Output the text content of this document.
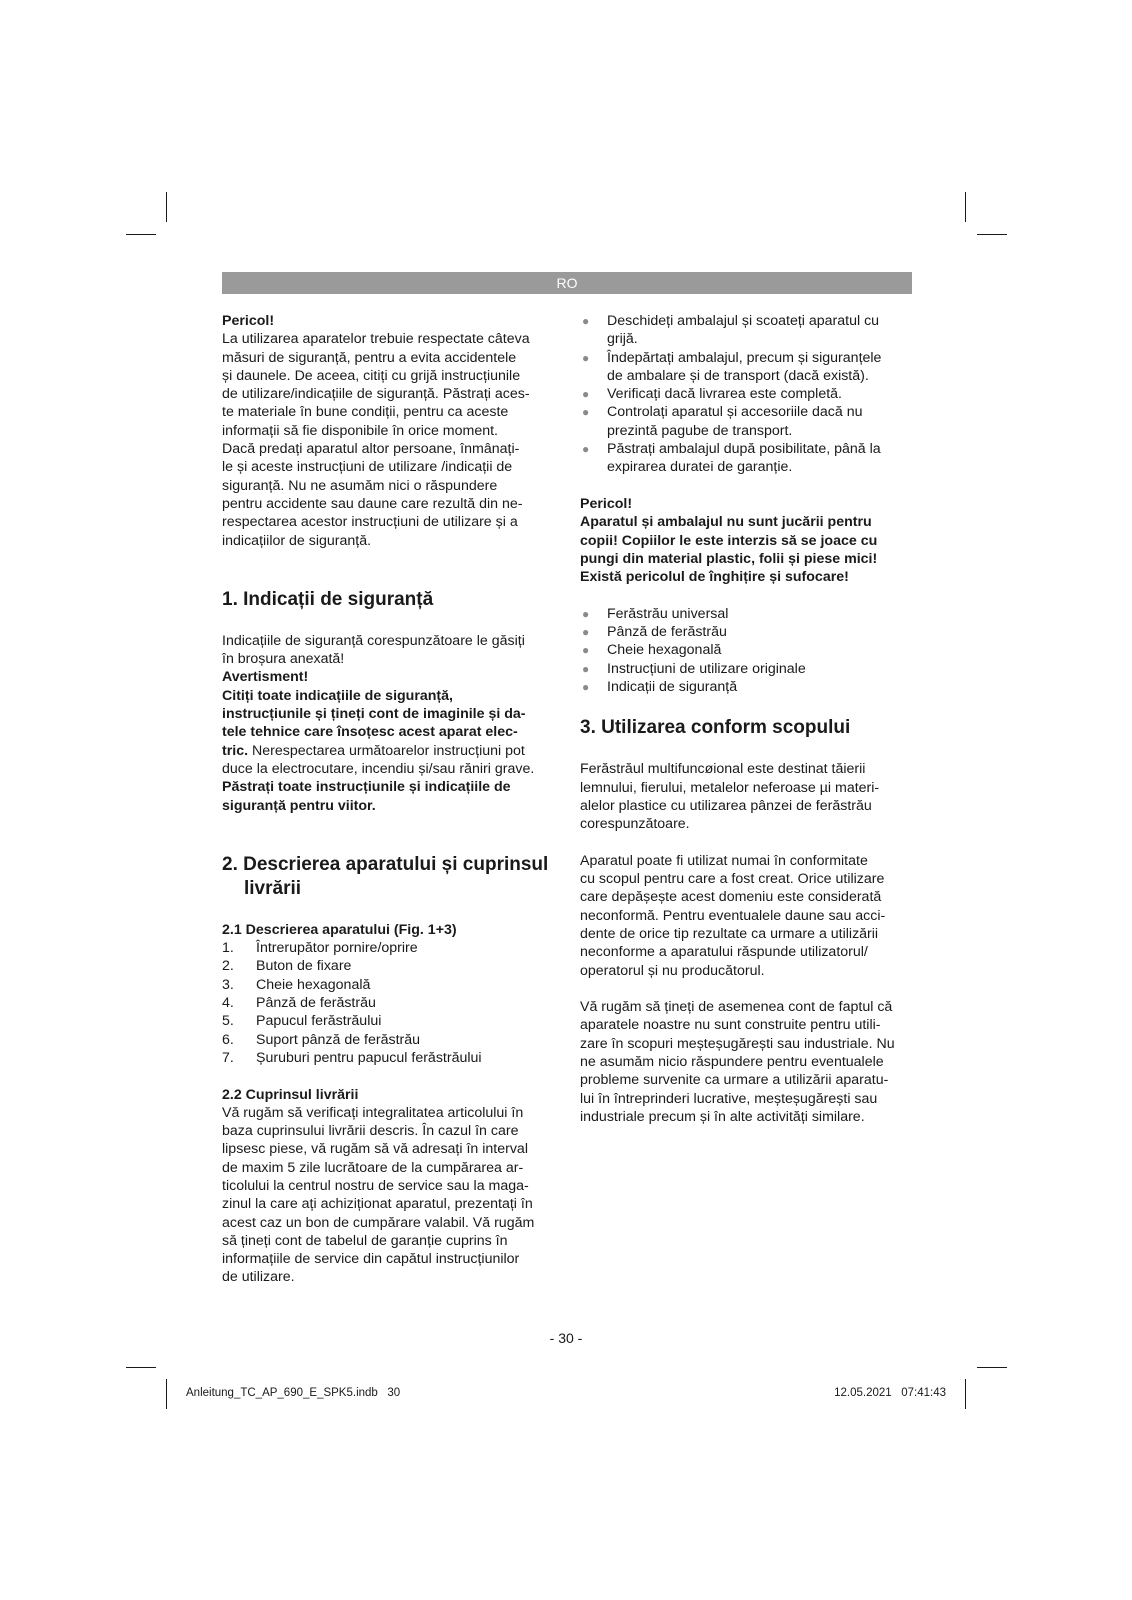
RO

Pericol!

La utilizarea aparatelor trebuie respectate câteva

măsuri de siguranță, pentru a evita accidentele

și daunele. De aceea, citiți cu grijă instrucțiunile

de utilizare/indicațiile de siguranță. Păstrați aces-

te materiale în bune condiții, pentru ca aceste

informații să fie disponibile în orice moment.

Dacă predați aparatul altor persoane, înmânați-

le și aceste instrucțiuni de utilizare /indicații de

siguranță. Nu ne asumăm nici o răspundere

pentru accidente sau daune care rezultă din ne-

respectarea acestor instrucțiuni de utilizare și a

indicațiilor de siguranță.

1. Indicații de siguranță

Indicațiile de siguranță corespunzătoare le găsiți

în broșura anexată!

Avertisment!

Citiți toate indicațiile de siguranță,

instrucțiunile și țineți cont de imaginile și da-

tele tehnice care însoțesc acest aparat elec-

tric. Nerespectarea următoarelor instrucțiuni pot

duce la electrocutare, incendiu și/sau răniri grave.

Păstrați toate instrucțiunile și indicațiile de

siguranță pentru viitor.

2. Descrierea aparatului și cuprinsul
livrării

2.1 Descrierea aparatului (Fig. 1+3)

1. Întrerupător pornire/oprire
2. Buton de fixare
3. Cheie hexagonală
4. Pânză de ferăstrău
5. Papucul ferăstrăului
6. Suport pânză de ferăstrău
7. Șuruburi pentru papucul ferăstrăului

2.2 Cuprinsul livrării

Vă rugăm să verificați integralitatea articolului în

baza cuprinsului livrării descris. În cazul în care

lipsesc piese, vă rugăm să vă adresați în interval

de maxim 5 zile lucrătoare de la cumpărarea ar-

ticolului la centrul nostru de service sau la maga-

zinul la care ați achiziționat aparatul, prezentați în

acest caz un bon de cumpărare valabil. Vă rugăm

să țineți cont de tabelul de garanție cuprins în

informațiile de service din capătul instrucțiunilor

de utilizare.

● Deschideți ambalajul și scoateți aparatul cu

grijă.

● Îndepărtați ambalajul, precum și siguranțele

de ambalare și de transport (dacă există).

● Verificați dacă livrarea este completă.

● Controlați aparatul și accesoriile dacă nu

prezintă pagube de transport.

● Păstrați ambalajul după posibilitate, până la

expirarea duratei de garanție.

Pericol!

Aparatul și ambalajul nu sunt jucării pentru

copii! Copiilor le este interzis să se joace cu

pungi din material plastic, folii și piese mici!

Există pericolul de înghițire și sufocare!

● Ferăstrău universal
● Pânză de ferăstrău
● Cheie hexagonală
● Instrucțiuni de utilizare originale
● Indicații de siguranță
3. Utilizarea conform scopului

Ferăstrăul multifuncøional este destinat tăierii

lemnului, fierului, metalelor neferoase µi materi-

alelor plastice cu utilizarea pânzei de ferăstrău

corespunzătoare.

Aparatul poate fi utilizat numai în conformitate

cu scopul pentru care a fost creat. Orice utilizare

care depășește acest domeniu este considerată

neconformă. Pentru eventualele daune sau acci-

dente de orice tip rezultate ca urmare a utilizării

neconforme a aparatului răspunde utilizatorul/

operatorul și nu producătorul.

Vă rugăm să țineți de asemenea cont de faptul că

aparatele noastre nu sunt construite pentru utili-

zare în scopuri meșteșugărești sau industriale. Nu

ne asumăm nicio răspundere pentru eventualele

probleme survenite ca urmare a utilizării aparatu-

lui în întreprinderi lucrative, meșteșugărești sau

industriale precum și în alte activități similare.

- 30 -
Anleitung_TC_AP_690_E_SPK5.indb   30	12.05.2021   07:41:43
